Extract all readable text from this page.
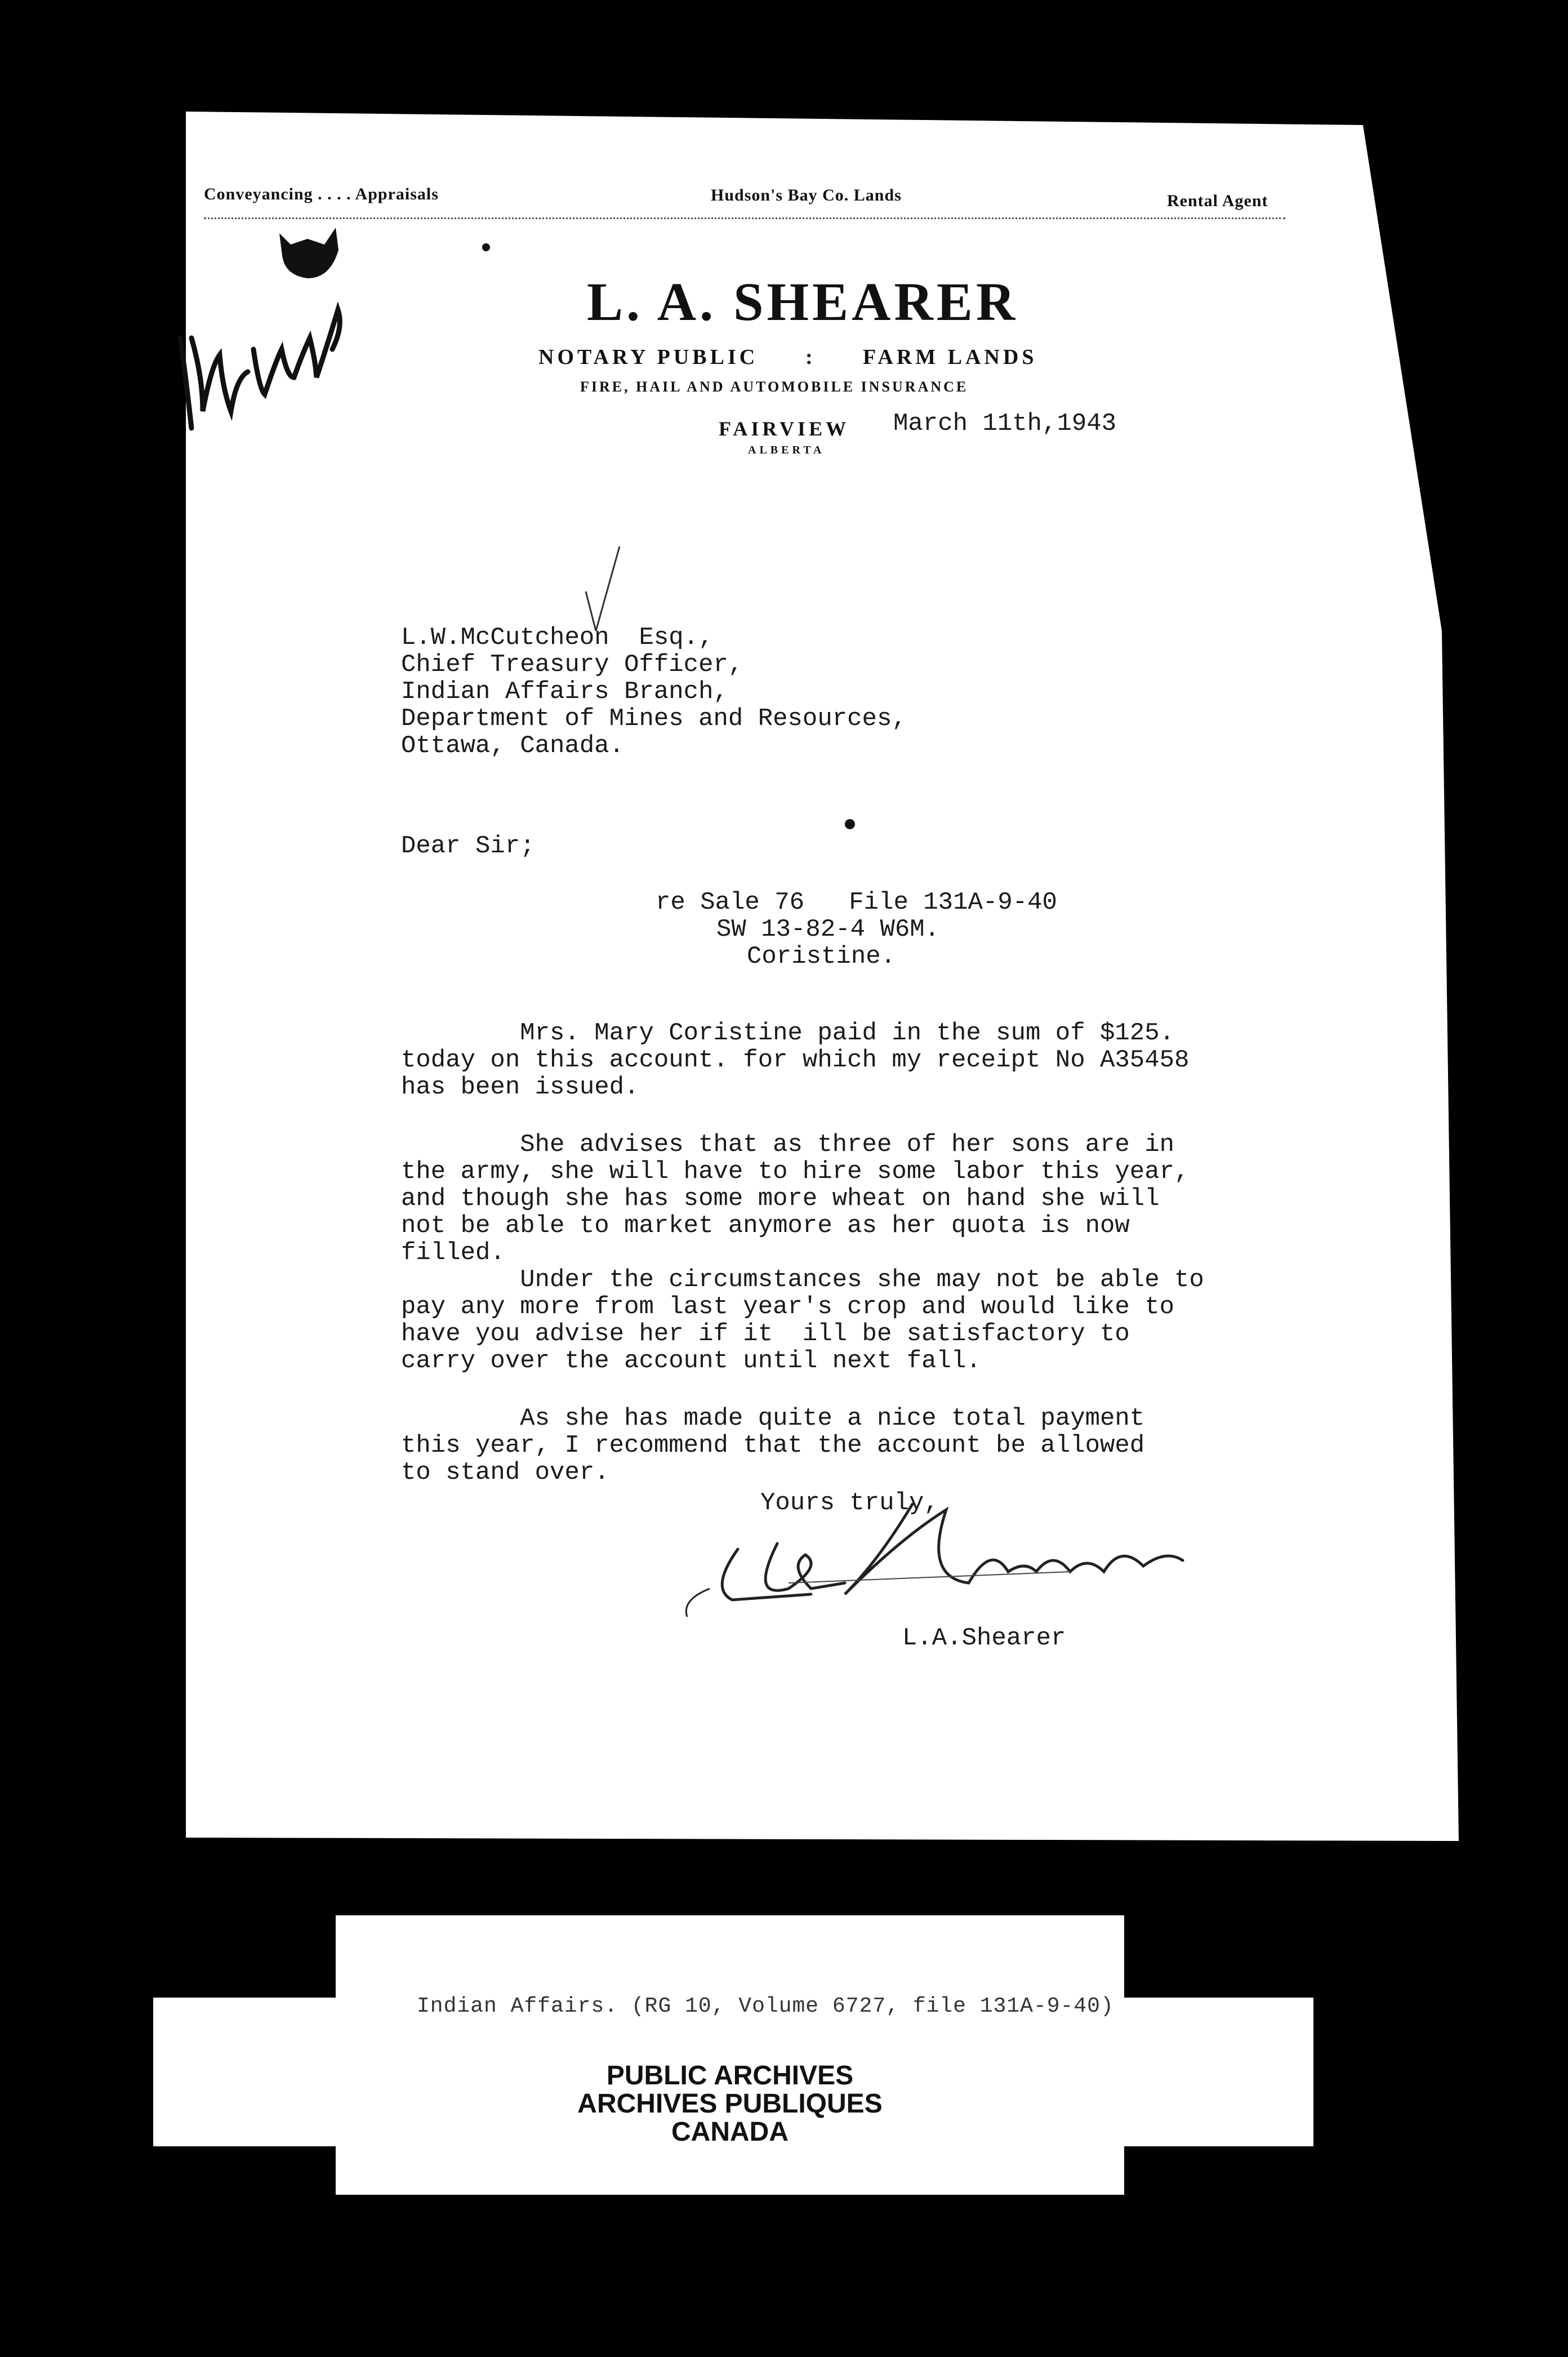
Conveyancing . . . . Appraisals	Hudson's Bay Co. Lands	Rental Agent
L. A. SHEARER
NOTARY PUBLIC : FARM LANDS
FIRE, HAIL AND AUTOMOBILE INSURANCE
FAIRVIEW
ALBERTA
March 11th,1943
L.W.McCutcheon  Esq.,
Chief Treasury Officer,
Indian Affairs Branch,
Department of Mines and Resources,
Ottawa, Canada.
Dear Sir;
re Sale 76   File 131A-9-40
SW 13-82-4 W6M.
Coristine.
Mrs. Mary Coristine paid in the sum of $125.
today on this account. for which my receipt No A35458
has been issued.
She advises that as three of her sons are in
the army, she will have to hire some labor this year,
and though she has some more wheat on hand she will
not be able to market anymore as her quota is now
filled.
Under the circumstances she may not be able to
pay any more from last year's crop and would like to
have you advise her if it  ill be satisfactory to
carry over the account until next fall.
As she has made quite a nice total payment
this year, I recommend that the account be allowed
to stand over.
Yours truly,
L.A.Shearer
Indian Affairs. (RG 10, Volume 6727, file 131A-9-40)
PUBLIC ARCHIVES
ARCHIVES PUBLIQUES
CANADA
